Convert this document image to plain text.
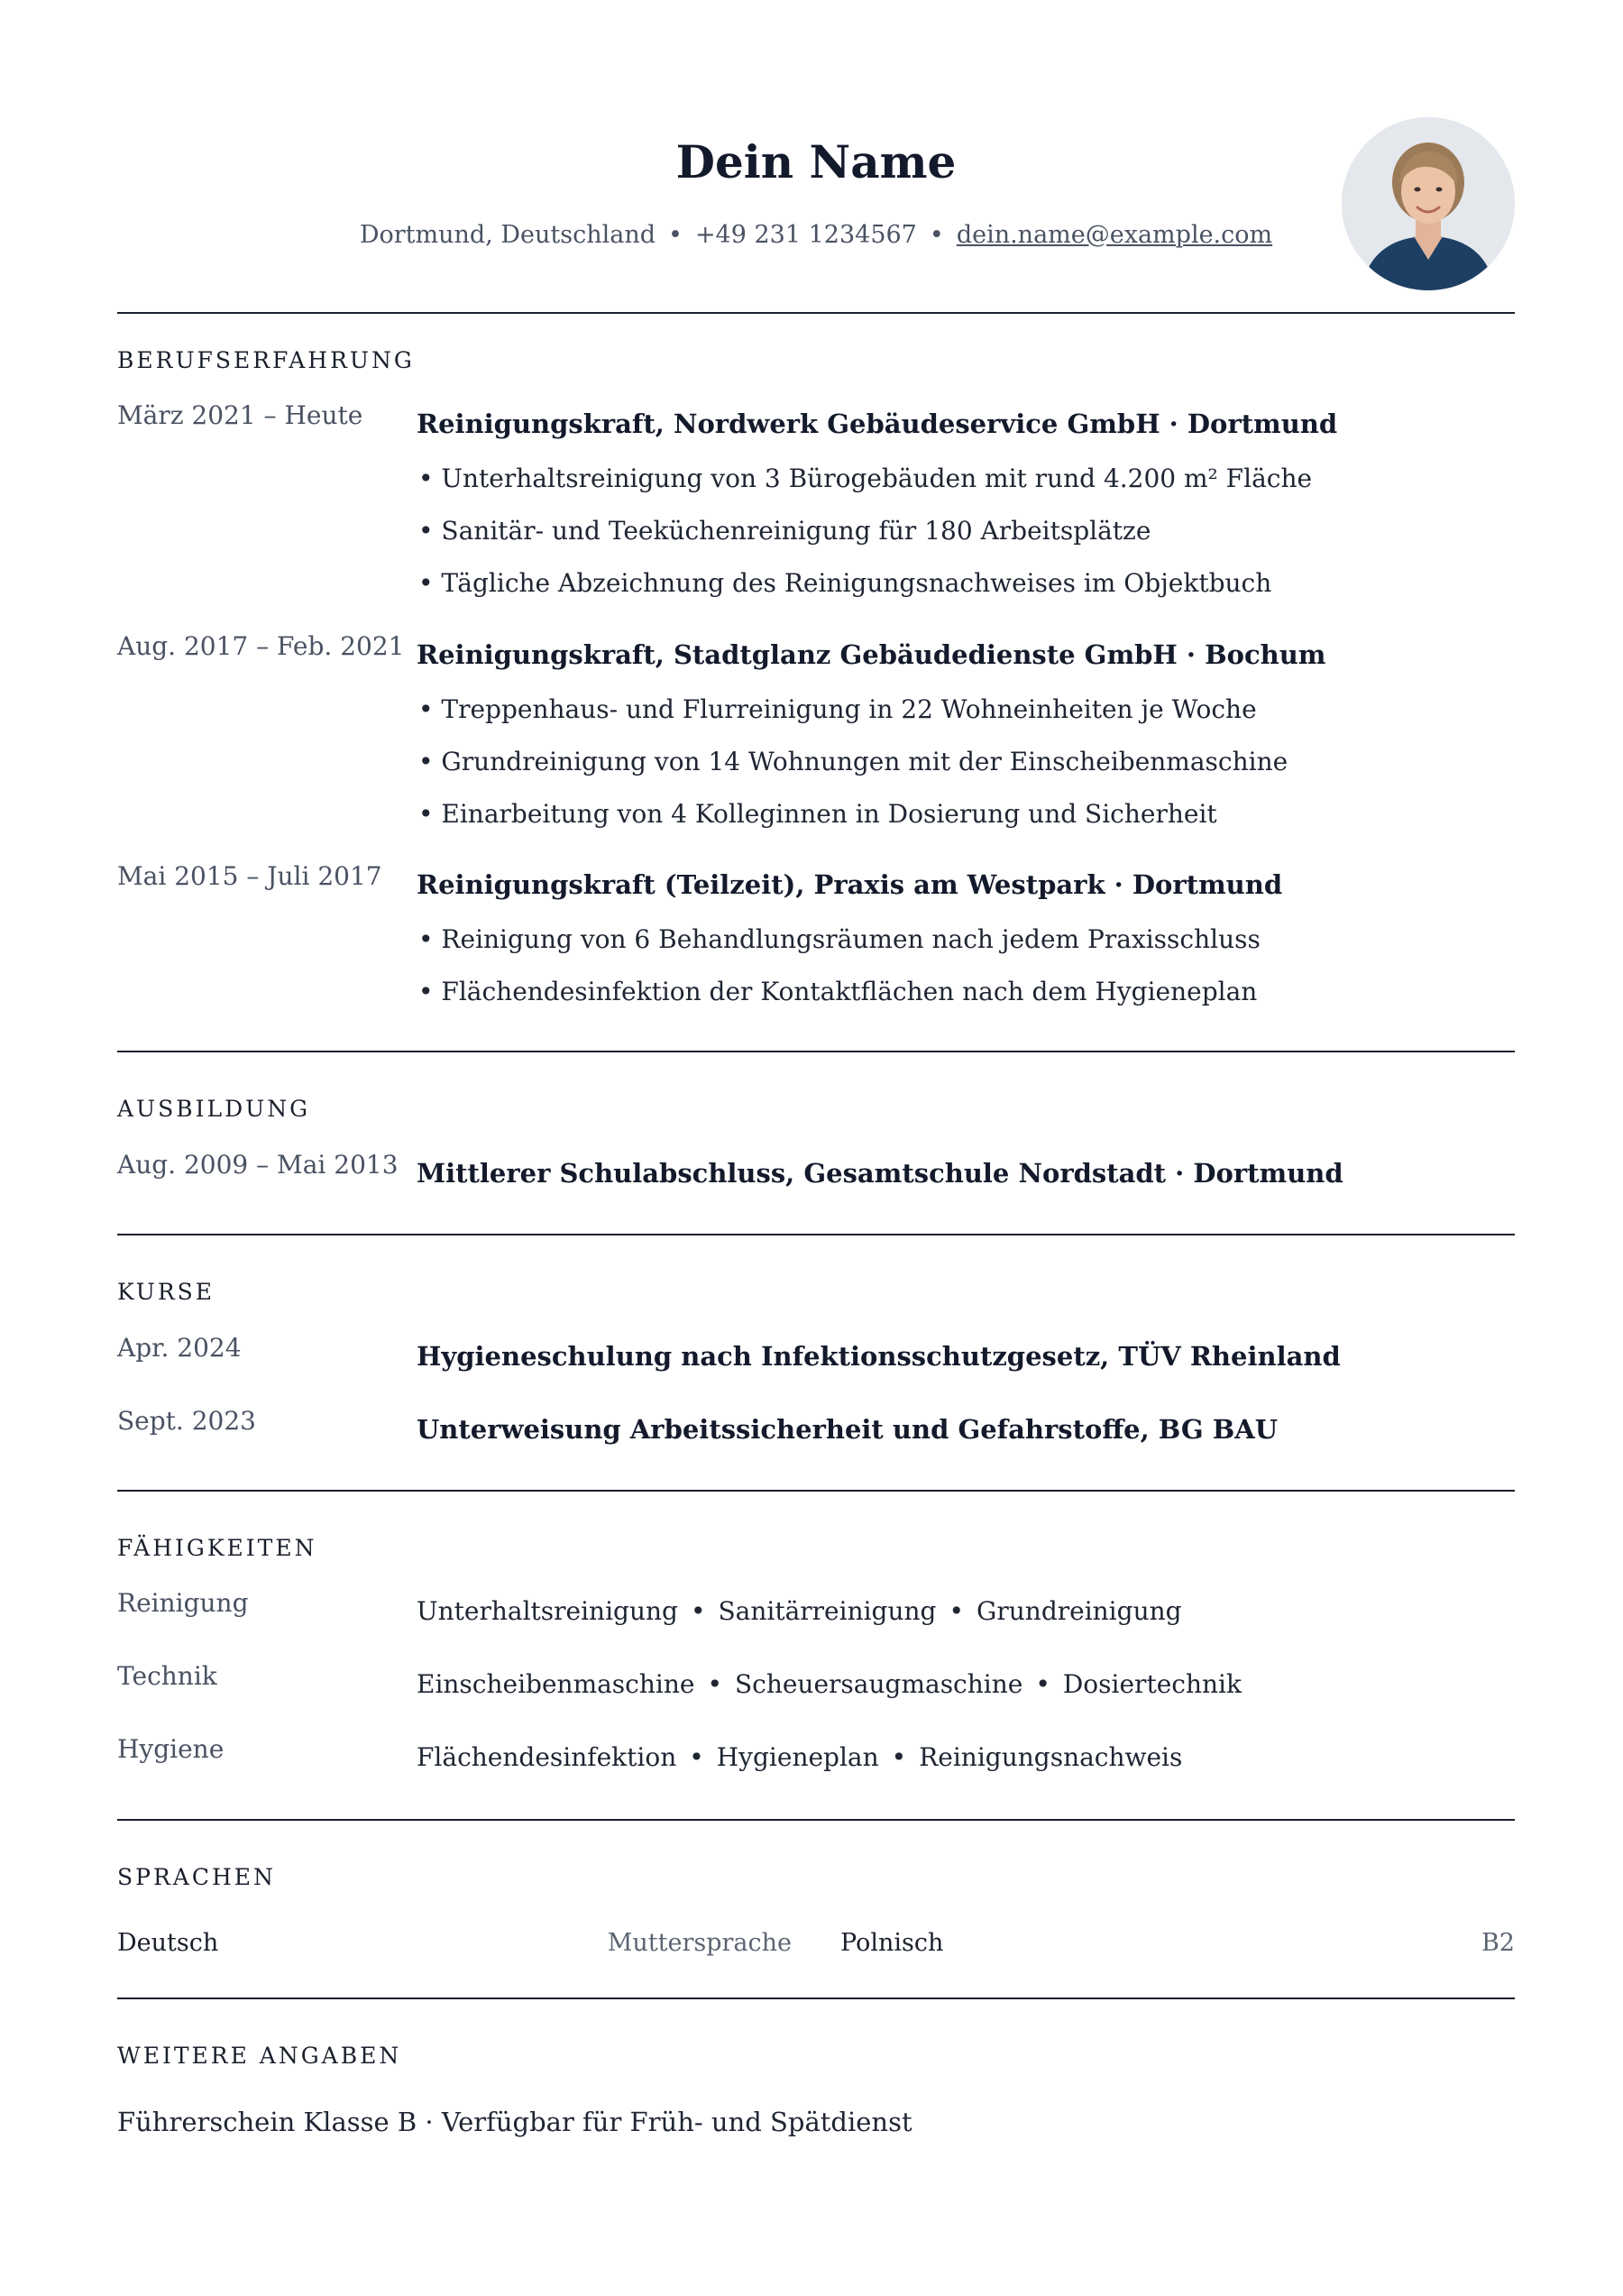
Dein Name
Dortmund, Deutschland • +49 231 1234567 • dein.name@example.com
BERUFSERFAHRUNG
März 2021 – Heute Reinigungskraft, Nordwerk Gebäudeservice GmbH · Dortmund
• Unterhaltsreinigung von 3 Bürogebäuden mit rund 4.200 m² Fläche
• Sanitär- und Teeküchenreinigung für 180 Arbeitsplätze
• Tägliche Abzeichnung des Reinigungsnachweises im Objektbuch
Aug. 2017 – Feb. 2021 Reinigungskraft, Stadtglanz Gebäudedienste GmbH · Bochum
• Treppenhaus- und Flurreinigung in 22 Wohneinheiten je Woche
• Grundreinigung von 14 Wohnungen mit der Einscheibenmaschine
• Einarbeitung von 4 Kolleginnen in Dosierung und Sicherheit
Mai 2015 – Juli 2017 Reinigungskraft (Teilzeit), Praxis am Westpark · Dortmund
• Reinigung von 6 Behandlungsräumen nach jedem Praxisschluss
• Flächendesinfektion der Kontaktflächen nach dem Hygieneplan
AUSBILDUNG
Aug. 2009 – Mai 2013 Mittlerer Schulabschluss, Gesamtschule Nordstadt · Dortmund
KURSE
Apr. 2024	Hygieneschulung nach Infektionsschutzgesetz, TÜV Rheinland
Sept. 2023	Unterweisung Arbeitssicherheit und Gefahrstoffe, BG BAU
FÄHIGKEITEN
Reinigung	Unterhaltsreinigung • Sanitärreinigung • Grundreinigung
Technik	Einscheibenmaschine • Scheuersaugmaschine • Dosiertechnik
Hygiene	Flächendesinfektion • Hygieneplan • Reinigungsnachweis
SPRACHEN
Deutsch	Muttersprache Polnisch	B2
WEITERE ANGABEN
Führerschein Klasse B · Verfügbar für Früh- und Spätdienst
